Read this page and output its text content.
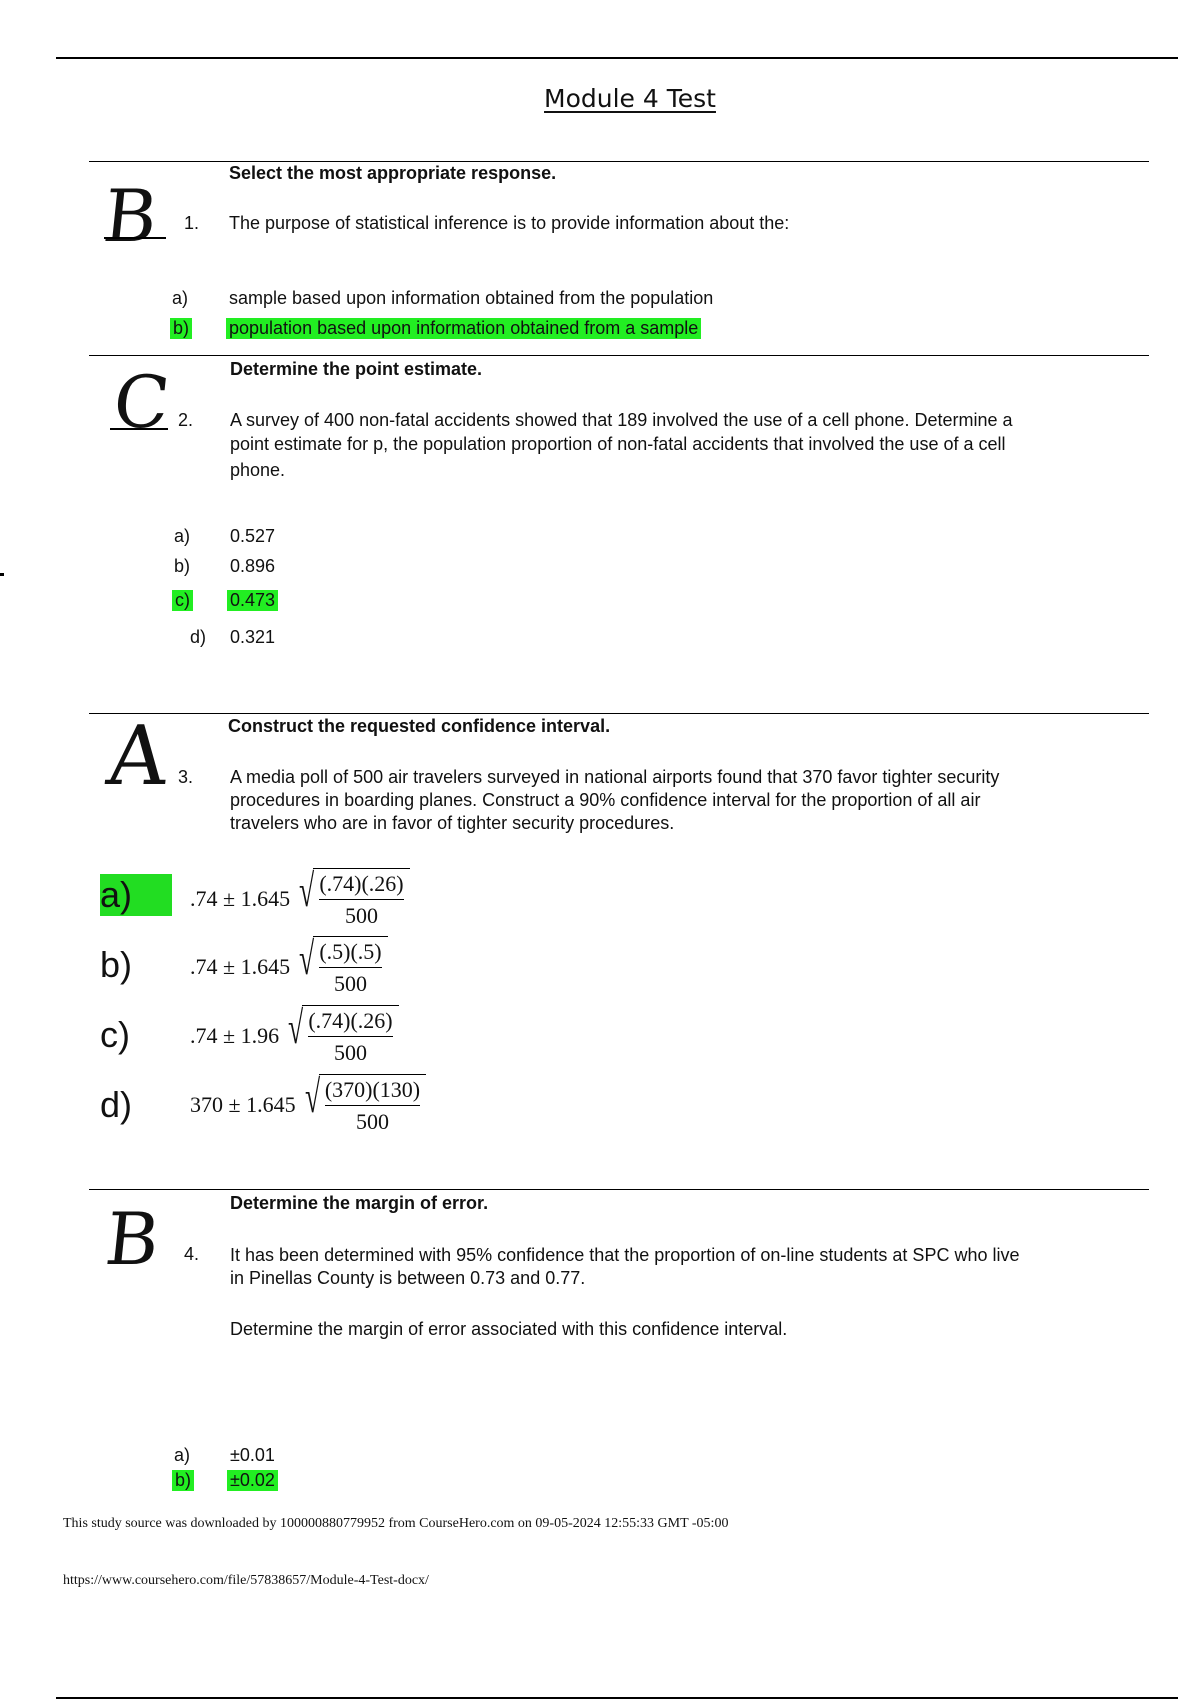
Module 4 Test
Select the most appropriate response.
B 1. The purpose of statistical inference is to provide information about the:
a) sample based upon information obtained from the population
b) population based upon information obtained from a sample
Determine the point estimate.
C 2. A survey of 400 non-fatal accidents showed that 189 involved the use of a cell phone. Determine a
point estimate for p, the population proportion of non-fatal accidents that involved the use of a cell
phone.
a) 0.527
b) 0.896
c) 0.473
d) 0.321
Construct the requested confidence interval.
A 3. A media poll of 500 air travelers surveyed in national airports found that 370 favor tighter security
procedures in boarding planes. Construct a 90% confidence interval for the proportion of all air
travelers who are in favor of tighter security procedures.
a)	.74 ± 1.645 √ $\frac{(.74)(.26)}{500}$
b)	.74 ± 1.645 √ $\frac{(.5)(.5)}{500}$
c)	.74 ± 1.96 √ $\frac{(.74)(.26)}{500}$
d)	370 ± 1.645 √ $\frac{(370)(130)}{500}$
Determine the margin of error.
B 4. It has been determined with 95% confidence that the proportion of on-line students at SPC who live
in Pinellas County is between 0.73 and 0.77.
Determine the margin of error associated with this confidence interval.
a) ±0.01
b) ±0.02
This study source was downloaded by 100000880779952 from CourseHero.com on 09-05-2024 12:55:33 GMT -05:00
https://www.coursehero.com/file/57838657/Module-4-Test-docx/
